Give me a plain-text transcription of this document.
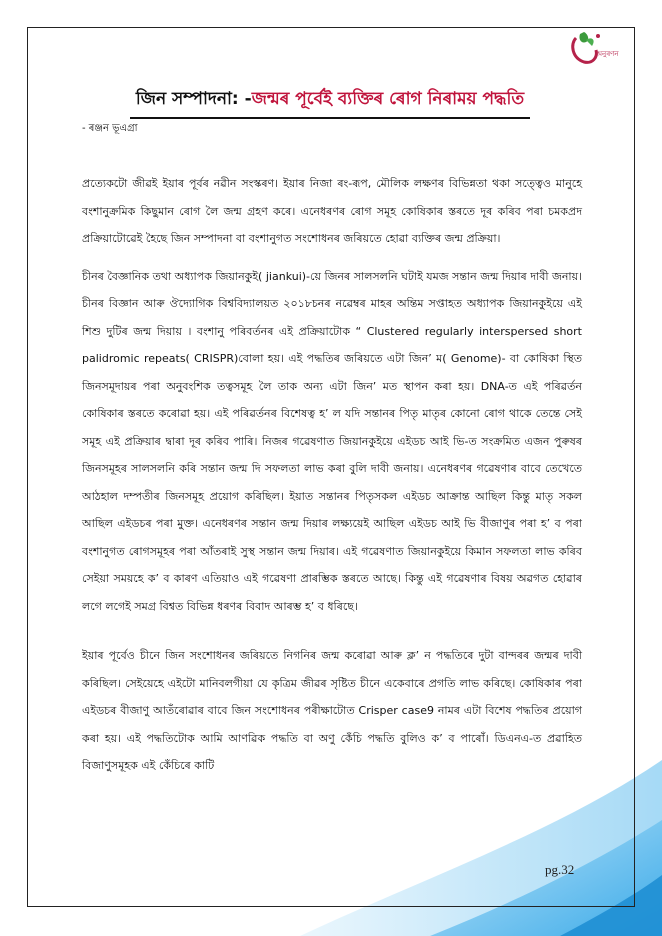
অনুৰণন
জিন সম্পাদনা: -জন্মৰ পূৰ্বেই ব্যক্তিৰ ৰোগ নিৰাময় পদ্ধতি
- ৰঞ্জন ভূএগ্ৰা

প্ৰত্যেকটো জীৱই ইয়াৰ পূৰ্বৰ নৱীন সংস্কৰণ। ইয়াৰ নিজা ৰং-ৰূপ, মৌলিক লক্ষণৰ বিভিন্নতা থকা সত্ত্বেও মানুহে বংশানুক্ৰমিক কিছুমান ৰোগ লৈ জন্ম গ্ৰহণ কৰে। এনেধৰণৰ ৰোগ সমূহ কোষিকাৰ স্তৰতে দূৰ কৰিব পৰা চমকপ্ৰদ প্ৰক্ৰিয়াটোৱেই হৈছে জিন সম্পাদনা বা বংশানুগত সংশোধনৰ জৰিয়তে হোৱা ব্যক্তিৰ জন্ম প্ৰক্ৰিয়া।

চীনৰ বৈজ্ঞানিক তথা অধ্যাপক জিয়ানকুই( jiankui)-য়ে জিনৰ সালসলনি ঘটাই যমজ সন্তান জন্ম দিয়াৰ দাবী জনায়। চীনৰ বিজ্ঞান আৰু ঔদ্যোগিক বিশ্ববিদ্যালয়ত ২০১৮চনৰ নৱেম্বৰ মাহৰ অন্তিম সপ্তাহত অধ্যাপক জিয়ানকুইয়ে এই শিশু দুটিৰ জন্ম দিয়ায় । বংশানু পৰিবৰ্তনৰ এই প্ৰক্ৰিয়াটোক “ Clustered regularly interspersed short palidromic repeats( CRISPR)বোলা হয়। এই পদ্ধতিৰ জৰিয়তে এটা জিন’ ম( Genome)- বা কোষিকা স্থিত জিনসমূদায়ৰ পৰা অনুবংশিক তত্বসমূহ লৈ তাক অন্য এটা জিন’ মত স্থাপন কৰা হয়। DNA-ত এই পৰিৱৰ্তন কোষিকাৰ স্তৰতে কৰোৱা হয়। এই পৰিৱৰ্তনৰ বিশেষত্ব হ’ ল যদি সন্তানৰ পিতৃ মাতৃৰ কোনো ৰোগ থাকে তেন্তে সেই সমূহ এই প্ৰক্ৰিয়াৰ দ্বাৰা দূৰ কৰিব পাৰি। নিজৰ গৱেষণাত জিয়ানকুইয়ে এইডচ আই ভি-ত সংক্ৰমিত এজন পুৰুষৰ জিনসমূহৰ সালসলনি কৰি সন্তান জন্ম দি সফলতা লাভ কৰা বুলি দাবী জনায়। এনেধৰণৰ গৱেষণাৰ বাবে তেখেতে আঠহাল দম্পতীৰ জিনসমূহ প্ৰয়োগ কৰিছিল। ইয়াত সন্তানৰ পিতৃসকল এইডচ আক্ৰান্ত আছিল কিন্তু মাতৃ সকল আছিল এইডচৰ পৰা মুক্ত। এনেধৰণৰ সন্তান জন্ম দিয়াৰ লক্ষ্যয়েই আছিল এইডচ আই ভি বীজাণুৰ পৰা হ’ ব পৰা বংশানুগত ৰোগসমূহৰ পৰা আঁতৰাই সুস্থ সন্তান জন্ম দিয়াৰ। এই গৱেষণাত জিয়ানকুইয়ে কিমান সফলতা লাভ কৰিব সেইয়া সময়হে ক’ ব কাৰণ এতিয়াও এই গৱেষণা প্ৰাৰম্ভিক স্তৰতে আছে। কিন্তু এই গৱেষণাৰ বিষয় অৱগত হোৱাৰ লগে লগেই সমগ্ৰ বিশ্বত বিভিন্ন ধৰণৰ বিবাদ আৰম্ভ হ’ ব ধৰিছে।

ইয়াৰ পূৰ্বেও চীনে জিন সংশোধনৰ জৰিয়তে নিগনিৰ জন্ম কৰোৱা আৰু ক্ল’ ন পদ্ধতিৰে দুটা বান্দৰৰ জন্মৰ দাবী কৰিছিল। সেইয়েহে এইটো মানিবলগীয়া যে কৃত্ৰিম জীৱৰ সৃষ্টিত চীনে একেবাৰে প্ৰগতি লাভ কৰিছে। কোষিকাৰ পৰা এইডচৰ বীজাণু আতঁৰোৱাৰ বাবে জিন সংশোধনৰ পৰীক্ষাটোত Crisper case9 নামৰ এটা বিশেষ পদ্ধতিৰ প্ৰয়োগ কৰা হয়। এই পদ্ধতিটোক আমি আণৱিক পদ্ধতি বা অণু কেঁচি পদ্ধতি বুলিও ক’ ব পাৰোঁ। ডিএনএ-ত প্ৰৱাহিত বিজাণুসমূহক এই কেঁচিৰে কাটি

pg.32
